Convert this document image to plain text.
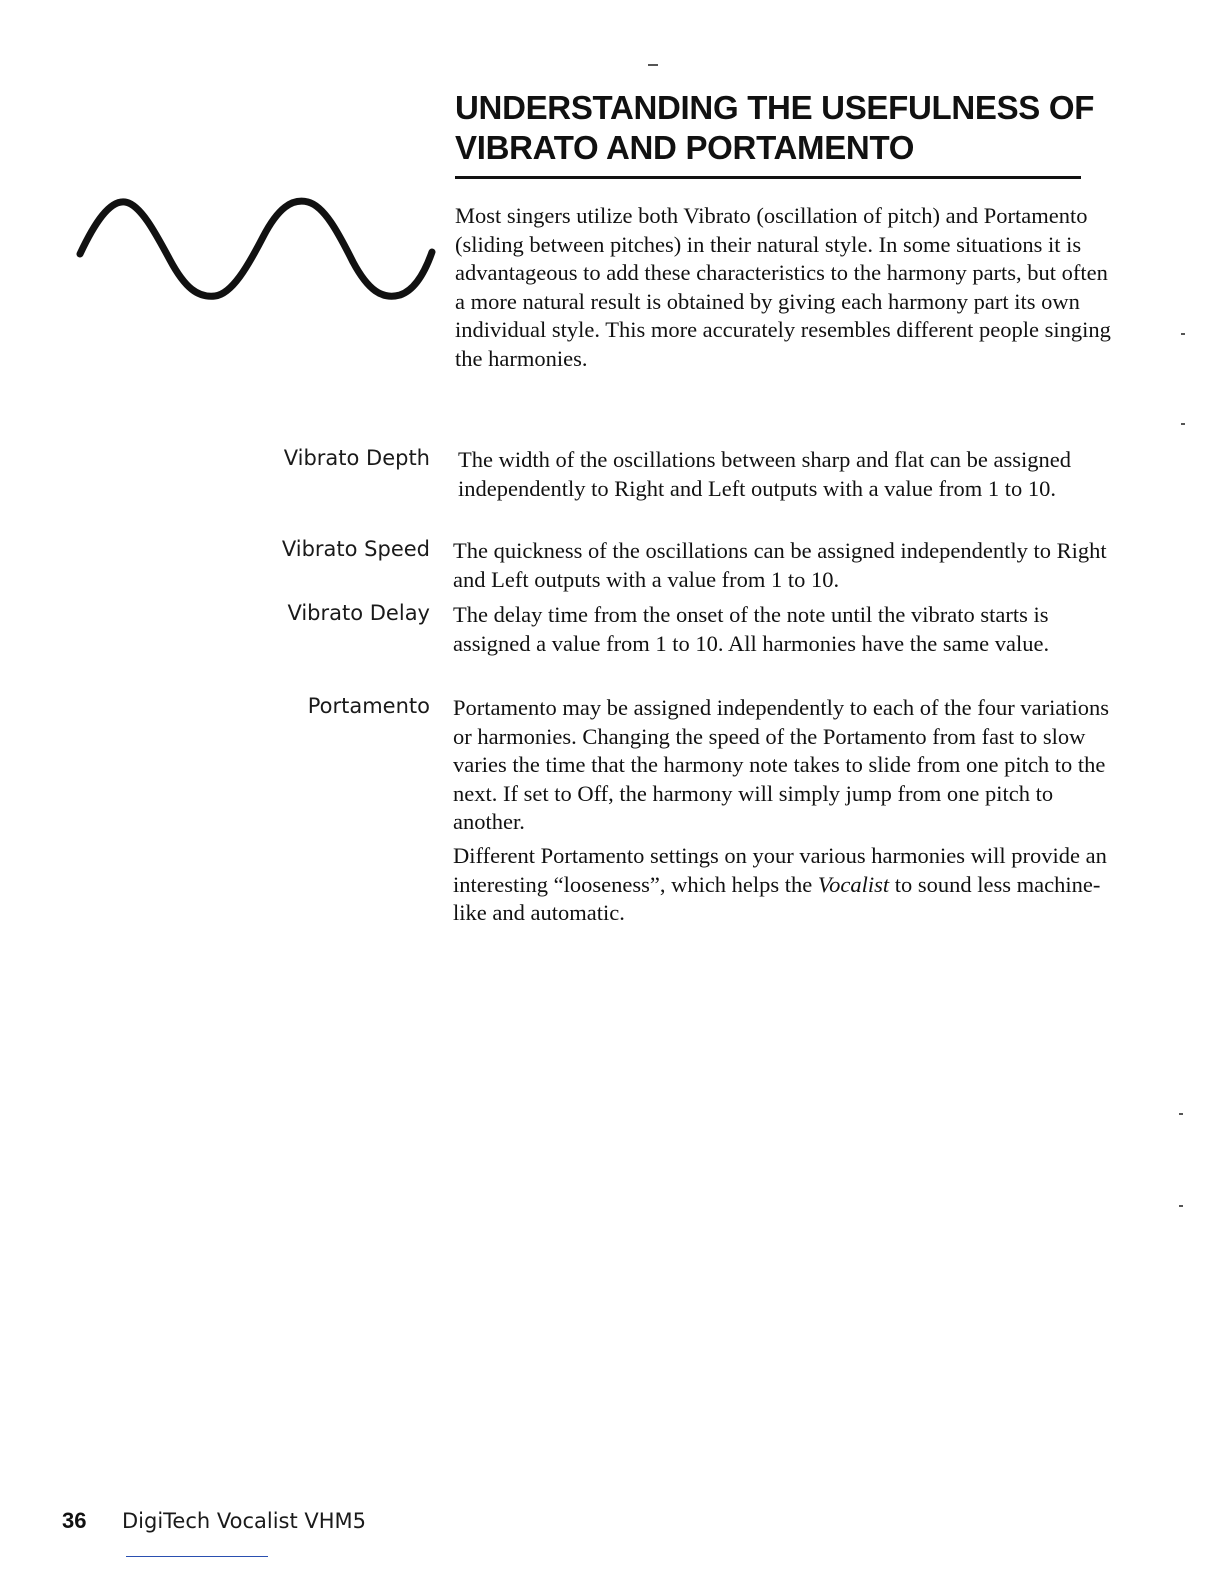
UNDERSTANDING THE USEFULNESS OF
VIBRATO AND PORTAMENTO

Most singers utilize both Vibrato (oscillation of pitch) and Portamento (sliding between pitches) in their natural style. In some situations it is advantageous to add these characteristics to the harmony parts, but often a more natural result is obtained by giving each harmony part its own individual style. This more accurately resembles different people singing the harmonies.

Vibrato Depth The width of the oscillations between sharp and flat can be assigned independently to Right and Left outputs with a value from 1 to 10.

Vibrato Speed The quickness of the oscillations can be assigned independently to Right and Left outputs with a value from 1 to 10.

Vibrato Delay The delay time from the onset of the note until the vibrato starts is assigned a value from 1 to 10. All harmonies have the same value.

Portamento Portamento may be assigned independently to each of the four variations or harmonies. Changing the speed of the Portamento from fast to slow varies the time that the harmony note takes to slide from one pitch to the next. If set to Off, the harmony will simply jump from one pitch to another.

Different Portamento settings on your various harmonies will provide an interesting “looseness”, which helps the Vocalist to sound less machine-like and automatic.

36 DigiTech Vocalist VHM5
